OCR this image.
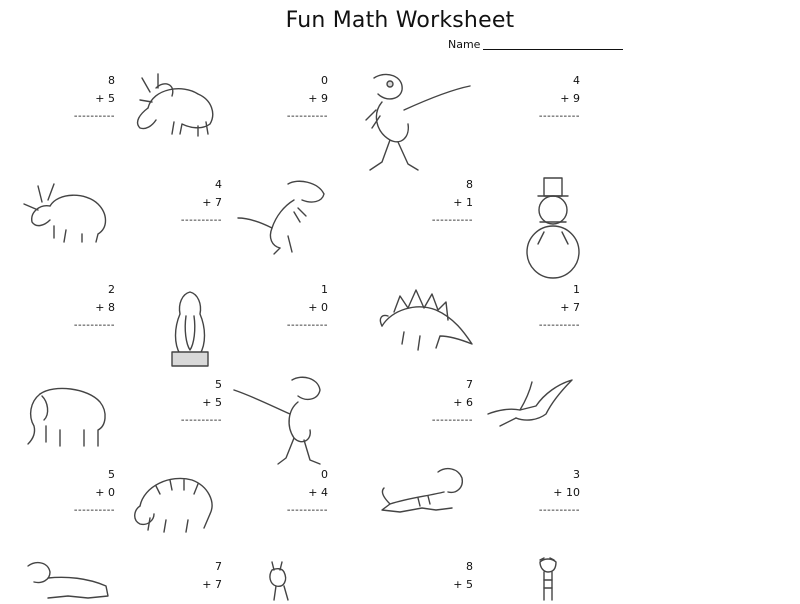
Fun Math Worksheet
Name
8
+ 5
----------
0
+ 9
----------
4
+ 9
----------
4
+ 7
----------
8
+ 1
----------
2
+ 8
----------
1
+ 0
----------
1
+ 7
----------
5
+ 5
----------
7
+ 6
----------
5
+ 0
----------
0
+ 4
----------
3
+ 10
----------
7
+ 7
8
+ 5
